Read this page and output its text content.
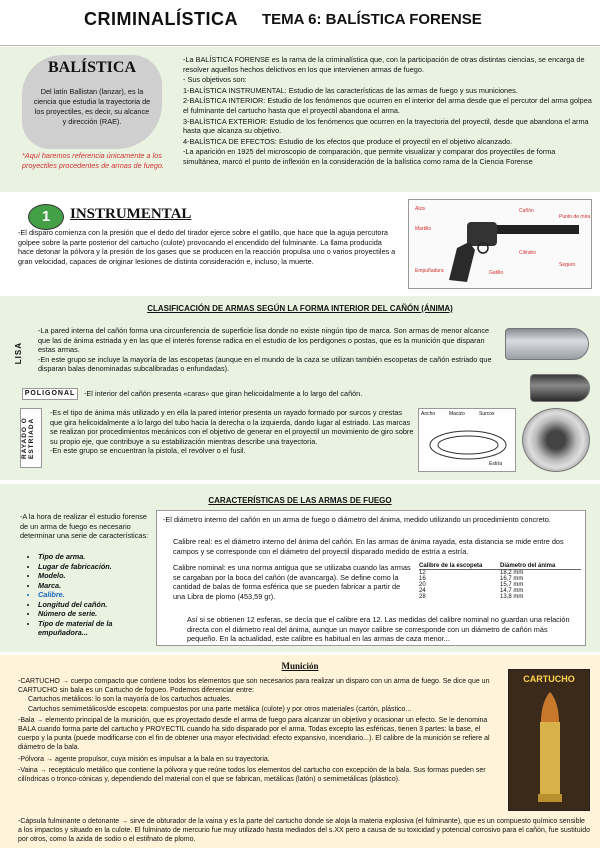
CRIMINALÍSTICA TEMA 6: BALÍSTICA FORENSE
BALÍSTICA
Del latín Ballistan (lanzar), es la ciencia que estudia la trayectoria de los proyectiles, es decir, su alcance y dirección (RAE).
*Aquí haremos referencia únicamente a los proyectiles procedentes de armas de fuego.

-La BALÍSTICA FORENSE es la rama de la criminalística que, con la participación de otras distintas ciencias, se encarga de resolver aquellos hechos delictivos en los que intervienen armas de fuego.

- Sus objetivos son:

1-BALÍSTICA INSTRUMENTAL: Estudio de las características de las armas de fuego y sus municiones.

2-BALÍSTICA INTERIOR: Estudio de los fenómenos que ocurren en el interior del arma desde que el percutor del arma golpea el fulminante del cartucho hasta que el proyectil abandona el arma.

3-BALÍSTICA EXTERIOR: Estudio de los fenómenos que ocurren en la trayectoria del proyectil, desde que abandona el arma hasta que alcanza su objetivo.

4-BALÍSTICA DE EFECTOS: Estudio de los efectos que produce el proyectil en el objetivo alcanzado.

-La aparición en 1925 del microscopio de comparación, que permite visualizar y comparar dos proyectiles de forma simultánea, marcó el punto de inflexión en la consideración de la balística como rama de la Ciencia Forense

1	INSTRUMENTAL
-El disparo comienza con la presión que el dedo del tirador ejerce sobre el gatillo, que hace que la aguja percutora golpee sobre la parte posterior del cartucho (culote) provocando el encendido del fulminante. La llama producida hace detonar la pólvora y la presión de los gases que se producen en la reacción propulsa uno o varios proyectiles a gran velocidad, capaces de originar lesiones de distinta consideración e, incluso, la muerte.
Alza	Cañón
Punto de mira
Gatillo
Empuñadura
Martillo
Cilindro
Seguro
CLASIFICACIÓN DE ARMAS SEGÚN LA FORMA INTERIOR DEL CAÑÓN (ÁNIMA)
LISA
-La pared interna del cañón forma una circunferencia de superficie lisa donde no existe ningún tipo de marca. Son armas de menor alcance que las de ánima estriada y en las que el interés forense radica en el estudio de los perdigones o postas, que es la munición que disparan estas armas.
-En este grupo se incluye la mayoría de las escopetas (aunque en el mundo de la caza se utilizan también escopetas de cañón estriado que disparan balas denominadas subcalibradas o enfundadas).
POLIGONAL	-El interior del cañón presenta «caras» que giran helicoidalmente a lo largo del cañón.
RAYADO O ESTRIADA
-Es el tipo de ánima más utilizado y en ella la pared interior presenta un rayado formado por surcos y crestas que gira helicoidalmente a lo largo del tubo hacia la derecha o la izquierda, dando lugar al estriado. Las marcas se realizan por procedimientos mecánicos con el objetivo de generar en el proyectil un movimiento de giro sobre su propio eje, que contribuye a su estabilización mientras describe una trayectoria.
-En este grupo se encuentran la pistola, el revólver o el fusil.
Ancho	Macizo	Surcos
Estría
CARACTERÍSTICAS DE LAS ARMAS DE FUEGO
-A la hora de realizar el estudio forense de un arma de fuego es necesario determinar una serie de características:
• Tipo de arma.
• Lugar de fabricación.
• Modelo.
• Marca.
• Calibre.
• Longitud del cañón.
• Número de serie.
• Tipo de material de la empuñadora...
-El diámetro interno del cañón en un arma de fuego o diámetro del ánima, medido utilizando un procedimiento concreto.
Calibre real: es el diámetro interno del ánima del cañón. En las armas de ánima rayada, esta distancia se mide entre dos campos y se corresponde con el diámetro del proyectil disparado medido de estría a estría.
Calibre nominal: es una norma antigua que se utilizaba cuando las armas se cargaban por la boca del cañón (de avancarga). Se define como la cantidad de balas de forma esférica que se pueden fabricar a partir de una Libra de plomo (453,59 gr).
Calibre de la escopeta	Diámetro del ánima
12	18,2 mm
16	16,7 mm
20	15,7 mm
24	14,7 mm
28	13,8 mm
Así si se obtienen 12 esferas, se decía que el calibre era 12. Las medidas del calibre nominal no guardan una relación directa con el diámetro real del ánima, aunque un mayor calibre se corresponde con un diámetro de cañón más pequeño. En la actualidad, este calibre es habitual en las armas de caza menor...
Munición
-CARTUCHO → cuerpo compacto que contiene todos los elementos que son necesarios para realizar un disparo con un arma de fuego. Se dice que un CARTUCHO sin bala es un Cartucho de fogueo. Podemos diferenciar entre:
Cartuchos metálicos: lo son la mayoría de los cartuchos actuales.
Cartuchos semimetálicos/de escopeta: compuestos por una parte metálica (culote) y por otros materiales (cartón, plástico...
-Bala → elemento principal de la munición, que es proyectado desde el arma de fuego para alcanzar un objetivo y ocasionar un efecto. Se le denomina BALA cuando forma parte del cartucho y PROYECTIL cuando ha sido disparado por el arma. Todas excepto las esféricas, tienen 3 partes: la base, el cuerpo y la punta (puede modificarse con el fin de obtener una mayor efectividad: efecto expansivo, incendiario...). El calibre de la munición se refiere al diámetro de la bala.
-Pólvora → agente propulsor, cuya misión es impulsar a la bala en su trayectoria.
-Vaina → receptáculo metálico que contiene la pólvora y que reúne todos los elementos del cartucho con excepción de la bala. Sus formas pueden ser cilíndricas o tronco-cónicas y, dependiendo del material con el que se fabrican, metálicas (latón) o semimetálicas (plástico).
-Cápsula fulminante o detonante → sirve de obturador de la vaina y es la parte del cartucho donde se aloja la materia explosiva (el fulminante), que es un compuesto químico sensible a los impactos y situado en la culote. El fulminato de mercurio fue muy utilizado hasta mediados del s.XX pero a causa de su toxicidad y potencial corrosivo para el cañón, fue sustituido por otros, como la azida de sodio o el estifnato de plomo.
CARTUCHO
